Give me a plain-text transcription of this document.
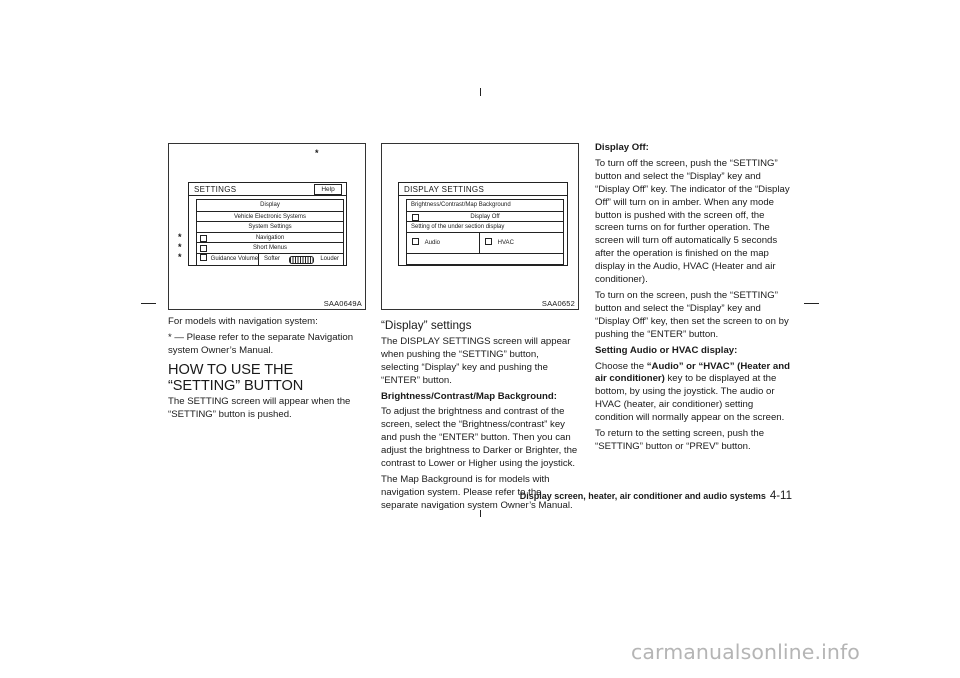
*
*
*
*
SETTINGS	Help
Display
Vehicle Electronic Systems
System Settings
Navigation
Short Menus
Guidance Volume Softer	Louder
SAA0649A
DISPLAY SETTINGS
Brightness/Contrast/Map Background
Display Off
Setting of the under section display
Audio	HVAC
SAA0652

For models with navigation system:

* — Please refer to the separate Navigation system Owner’s Manual.

HOW TO USE THE “SETTING” BUTTON

The SETTING screen will appear when the “SETTING” button is pushed.

“Display” settings

The DISPLAY SETTINGS screen will appear when pushing the “SETTING” button, selecting “Display” key and pushing the “ENTER” button.

Brightness/Contrast/Map Background:

To adjust the brightness and contrast of the screen, select the “Brightness/contrast” key and push the “ENTER” button. Then you can adjust the brightness to Darker or Brighter, the contrast to Lower or Higher using the joystick.

The Map Background is for models with navigation system. Please refer to the separate navigation system Owner’s Manual.

Display Off:

To turn off the screen, push the “SETTING” button and select the “Display” key and “Display Off” key. The indicator of the “Display Off” will turn on in amber. When any mode button is pushed with the screen off, the screen turns on for further operation. The screen will turn off automatically 5 seconds after the operation is finished on the map display in the Audio, HVAC (Heater and air conditioner).

To turn on the screen, push the “SETTING” button and select the “Display” key and “Display Off” key, then set the screen to on by pushing the “ENTER” button.

Setting Audio or HVAC display:

Choose the “Audio” or “HVAC” (Heater and air conditioner) key to be displayed at the bottom, by using the joystick. The audio or HVAC (heater, air conditioner) setting condition will normally appear on the screen.

To return to the setting screen, push the “SETTING” button or “PREV” button.

Display screen, heater, air conditioner and audio systems 4-11
carmanualsonline.info
